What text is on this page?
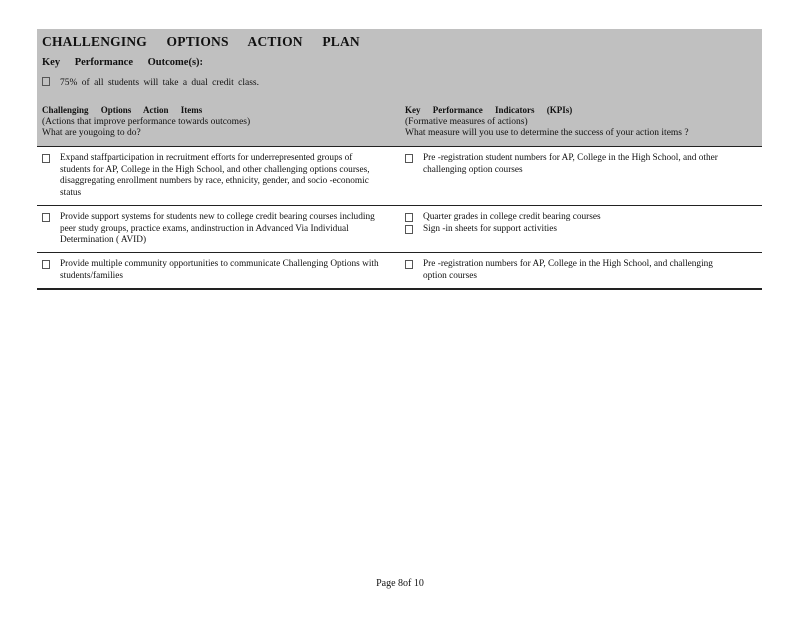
CHALLENGING OPTIONS ACTION PLAN
Key Performance Outcome(s):
75% of all students will take a dual credit class.
Challenging Options Action Items
(Actions that improve performance towards outcomes)
What are yougoing to do?
Key Performance Indicators (KPIs)
(Formative measures of actions)
What measure will you use to determine the success of your action items ?
Expand staffparticipation in recruitment efforts for underrepresented groups of students for AP, College in the High School, and other challenging options courses, disaggregating enrollment numbers by race, ethnicity, gender, and socio -economic status
Pre -registration student numbers for AP, College in the High School, and other challenging option courses
Provide support systems for students new to college credit bearing courses including peer study groups, practice exams, andinstruction in Advanced Via Individual Determination ( AVID)
Quarter grades in college credit bearing courses
Sign -in sheets for support activities
Provide multiple community opportunities to communicate Challenging Options with students/families
Pre -registration numbers for AP, College in the High School, and challenging option courses
Page 8of 10
